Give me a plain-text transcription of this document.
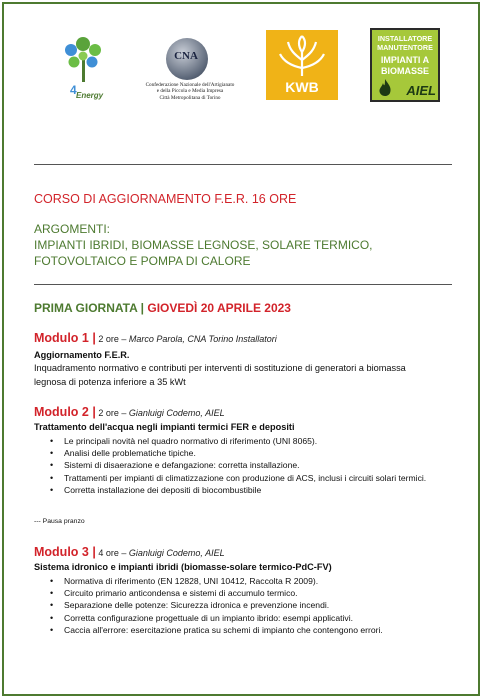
4 Energy
CNA
Confederazione Nazionale dell'Artigianato
e della Piccola e Media Impresa
Città Metropolitana di Torino
KWB
INSTALLATORE
MANUTENTORE
IMPIANTI A
BIOMASSE
AIEL
CORSO DI AGGIORNAMENTO F.E.R. 16 ORE
ARGOMENTI:
IMPIANTI IBRIDI, BIOMASSE LEGNOSE, SOLARE TERMICO,
FOTOVOLTAICO E POMPA DI CALORE
PRIMA GIORNATA | GIOVEDÌ 20 APRILE 2023
Modulo 1 | 2 ore – Marco Parola, CNA Torino Installatori
Aggiornamento F.E.R.
Inquadramento normativo e contributi per interventi di sostituzione di generatori a biomassa
legnosa di potenza inferiore a 35 kWt
Modulo 2 | 2 ore – Gianluigi Codemo, AIEL
Trattamento dell'acqua negli impianti termici FER e depositi
• Le principali novità nel quadro normativo di riferimento (UNI 8065).
• Analisi delle problematiche tipiche.
• Sistemi di disaerazione e defangazione: corretta installazione.
• Trattamenti per impianti di climatizzazione con produzione di ACS, inclusi i circuiti solari termici.
• Corretta installazione dei depositi di biocombustibile
--- Pausa pranzo
Modulo 3 | 4 ore – Gianluigi Codemo, AIEL
Sistema idronico e impianti ibridi (biomasse-solare termico-PdC-FV)
• Normativa di riferimento (EN 12828, UNI 10412, Raccolta R 2009).
• Circuito primario anticondensa e sistemi di accumulo termico.
• Separazione delle potenze: Sicurezza idronica e prevenzione incendi.
• Corretta configurazione progettuale di un impianto ibrido: esempi applicativi.
• Caccia all'errore: esercitazione pratica su schemi di impianto che contengono errori.
